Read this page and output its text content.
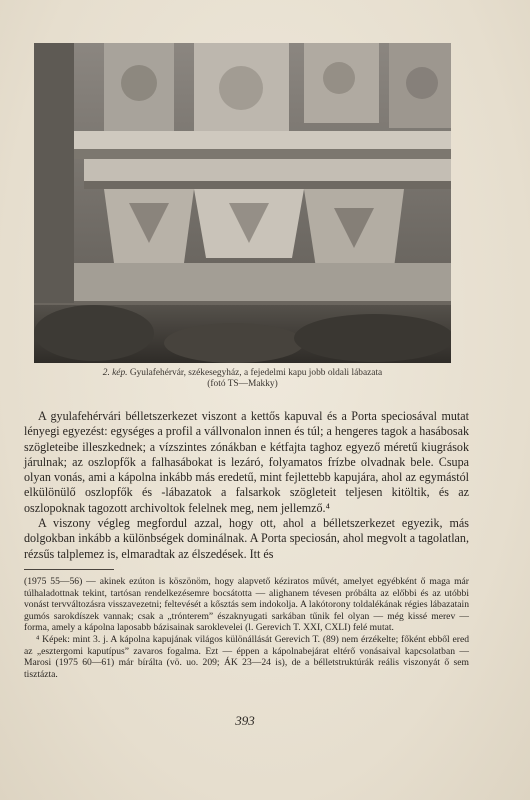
2. kép. Gyulafehérvár, székesegyház, a fejedelmi kapu jobb oldali lábazata
(fotó TS—Makky)

A gyulafehérvári bélletszerkezet viszont a kettős kapuval és a Porta speciosával mutat lényegi egyezést: egységes a profil a vállvonalon innen és túl; a hengeres tagok a hasábosak szögleteibe illeszkednek; a vízszintes zónákban e kétfajta taghoz egyező méretű kiugrások járulnak; az oszlopfők a falhasábokat is lezáró, folyamatos frízbe olvadnak bele. Csupa olyan vonás, ami a kápolna inkább más eredetű, mint fejlettebb kapujára, ahol az egymástól elkülönülő oszlopfők és -lábazatok a falsarkok szögleteit teljesen kitöltik, és az oszlopoknak tagozott archivoltok felelnek meg, nem jellemző.⁴

A viszony végleg megfordul azzal, hogy ott, ahol a bélletszerkezet egyezik, más dolgokban inkább a különbségek dominálnak. A Porta speciosán, ahol megvolt a tagolatlan, rézsűs talplemez is, elmaradtak az élszedések. Itt és

(1975 55—56) — akinek ezúton is köszönöm, hogy alapvető kéziratos művét, amelyet egyébként ő maga már túlhaladottnak tekint, tartósan rendelkezésemre bocsátotta — alighanem tévesen próbálta az előbbi és az utóbbi vonást tervváltozásra visszavezetni; feltevését a kősztás sem indokolja. A lakótorony toldalékának régies lábazatain gumós sarokdíszek vannak; csak a „trónterem” északnyugati sarkában tűnik fel olyan — még kissé merev — forma, amely a kápolna laposabb bázisainak saroklevelei (l. Gerevich T. XXI, CXLI) felé mutat.

⁴ Képek: mint 3. j. A kápolna kapujának világos különállását Gerevich T. (89) nem érzékelte; főként ebből ered az „esztergomi kaputípus” zavaros fogalma. Ezt — éppen a kápolnabejárat eltérő vonásaival kapcsolatban — Marosi (1975 60—61) már bírálta (vö. uo. 209; ÁK 23—24 is), de a bélletstruktúrák reális viszonyát ő sem tisztázta.

393
